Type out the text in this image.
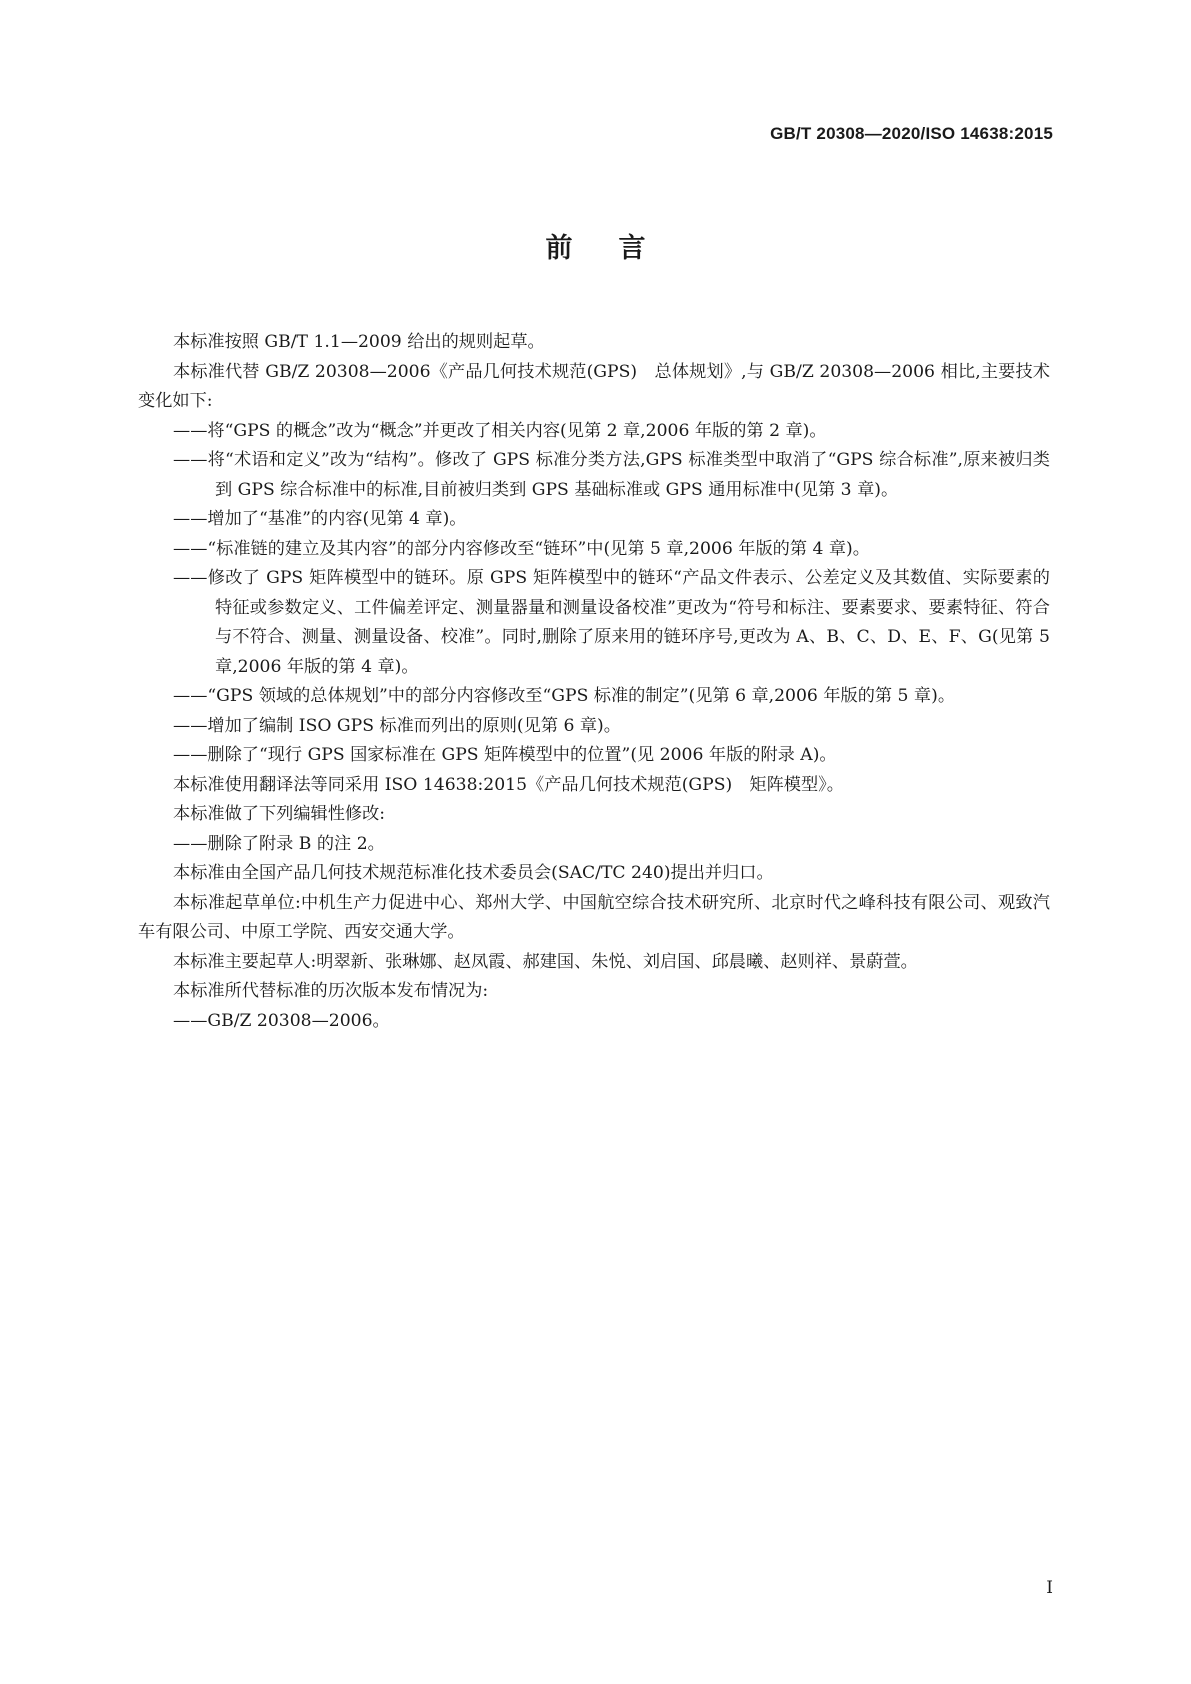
GB/T 20308—2020/ISO 14638:2015
前言

本标准按照 GB/T 1.1—2009 给出的规则起草。

本标准代替 GB/Z 20308—2006《产品几何技术规范(GPS)　总体规划》,与 GB/Z 20308—2006 相比,主要技术变化如下:

——将“GPS 的概念”改为“概念”并更改了相关内容(见第 2 章,2006 年版的第 2 章)。

——将“术语和定义”改为“结构”。修改了 GPS 标准分类方法,GPS 标准类型中取消了“GPS 综合标准”,原来被归类到 GPS 综合标准中的标准,目前被归类到 GPS 基础标准或 GPS 通用标准中(见第 3 章)。

——增加了“基准”的内容(见第 4 章)。

——“标准链的建立及其内容”的部分内容修改至“链环”中(见第 5 章,2006 年版的第 4 章)。

——修改了 GPS 矩阵模型中的链环。原 GPS 矩阵模型中的链环“产品文件表示、公差定义及其数值、实际要素的特征或参数定义、工件偏差评定、测量器量和测量设备校准”更改为“符号和标注、要素要求、要素特征、符合与不符合、测量、测量设备、校准”。同时,删除了原来用的链环序号,更改为 A、B、C、D、E、F、G(见第 5 章,2006 年版的第 4 章)。

——“GPS 领域的总体规划”中的部分内容修改至“GPS 标准的制定”(见第 6 章,2006 年版的第 5 章)。

——增加了编制 ISO GPS 标准而列出的原则(见第 6 章)。

——删除了“现行 GPS 国家标准在 GPS 矩阵模型中的位置”(见 2006 年版的附录 A)。

本标准使用翻译法等同采用 ISO 14638:2015《产品几何技术规范(GPS)　矩阵模型》。

本标准做了下列编辑性修改:

——删除了附录 B 的注 2。

本标准由全国产品几何技术规范标准化技术委员会(SAC/TC 240)提出并归口。

本标准起草单位:中机生产力促进中心、郑州大学、中国航空综合技术研究所、北京时代之峰科技有限公司、观致汽车有限公司、中原工学院、西安交通大学。

本标准主要起草人:明翠新、张琳娜、赵凤霞、郝建国、朱悦、刘启国、邱晨曦、赵则祥、景蔚萱。

本标准所代替标准的历次版本发布情况为:

——GB/Z 20308—2006。

I
